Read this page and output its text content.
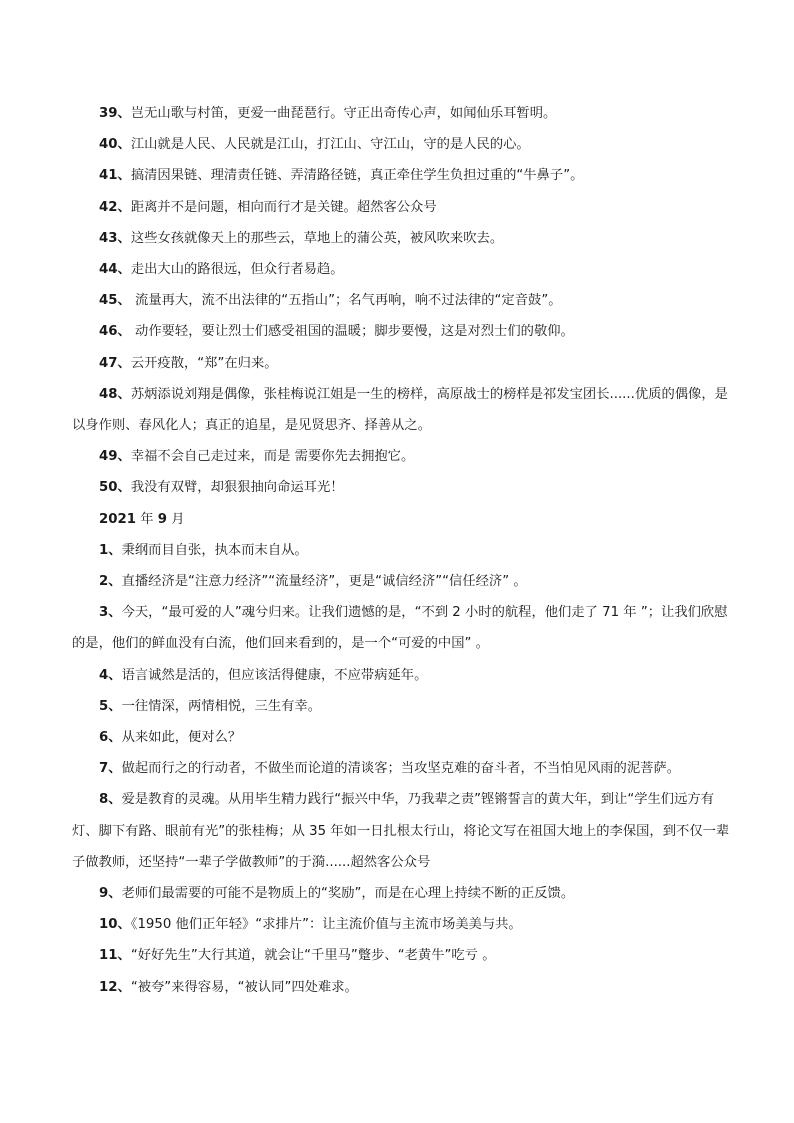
39、岂无山歌与村笛，更爱一曲琵琶行。守正出奇传心声，如闻仙乐耳暂明。

40、江山就是人民、人民就是江山，打江山、守江山，守的是人民的心。

41、搞清因果链、理清责任链、弄清路径链，真正牵住学生负担过重的“牛鼻子”。

42、距离并不是问题，相向而行才是关键。超然客公众号

43、这些女孩就像天上的那些云，草地上的蒲公英，被风吹来吹去。

44、走出大山的路很远，但众行者易趋。

45、 流量再大，流不出法律的“五指山”；名气再响，响不过法律的“定音鼓”。

46、 动作要轻，要让烈士们感受祖国的温暖；脚步要慢，这是对烈士们的敬仰。

47、云开疫散，“郑”在归来。

48、苏炳添说刘翔是偶像，张桂梅说江姐是一生的榜样，高原战士的榜样是祁发宝团长......优质的偶像，是以身作则、春风化人；真正的追星，是见贤思齐、择善从之。

49、幸福不会自己走过来，而是 需要你先去拥抱它。

50、我没有双臂，却狠狠抽向命运耳光！

2021 年 9 月

1、秉纲而目自张，执本而末自从。

2、直播经济是“注意力经济”“流量经济”，更是“诚信经济”“信任经济” 。

3、今天，“最可爱的人”魂兮归来。让我们遗憾的是，“不到 2 小时的航程，他们走了 71 年 ”；让我们欣慰的是，他们的鲜血没有白流，他们回来看到的，是一个“可爱的中国” 。

4、语言诚然是活的，但应该活得健康，不应带病延年。

5、一往情深，两情相悦，三生有幸。

6、从来如此，便对么？

7、做起而行之的行动者，不做坐而论道的清谈客；当攻坚克难的奋斗者，不当怕见风雨的泥菩萨。

8、爱是教育的灵魂。从用毕生精力践行“振兴中华，乃我辈之责”铿锵誓言的黄大年，到让“学生们远方有灯、脚下有路、眼前有光”的张桂梅；从 35 年如一日扎根太行山，将论文写在祖国大地上的李保国，到不仅一辈子做教师，还坚持“一辈子学做教师”的于漪......超然客公众号

9、老师们最需要的可能不是物质上的“奖励”，而是在心理上持续不断的正反馈。

10、《1950 他们正年轻》“求排片”：让主流价值与主流市场美美与共。

11、“好好先生”大行其道，就会让“千里马”蹩步、“老黄牛”吃亏 。

12、“被夸”来得容易，“被认同”四处难求。
